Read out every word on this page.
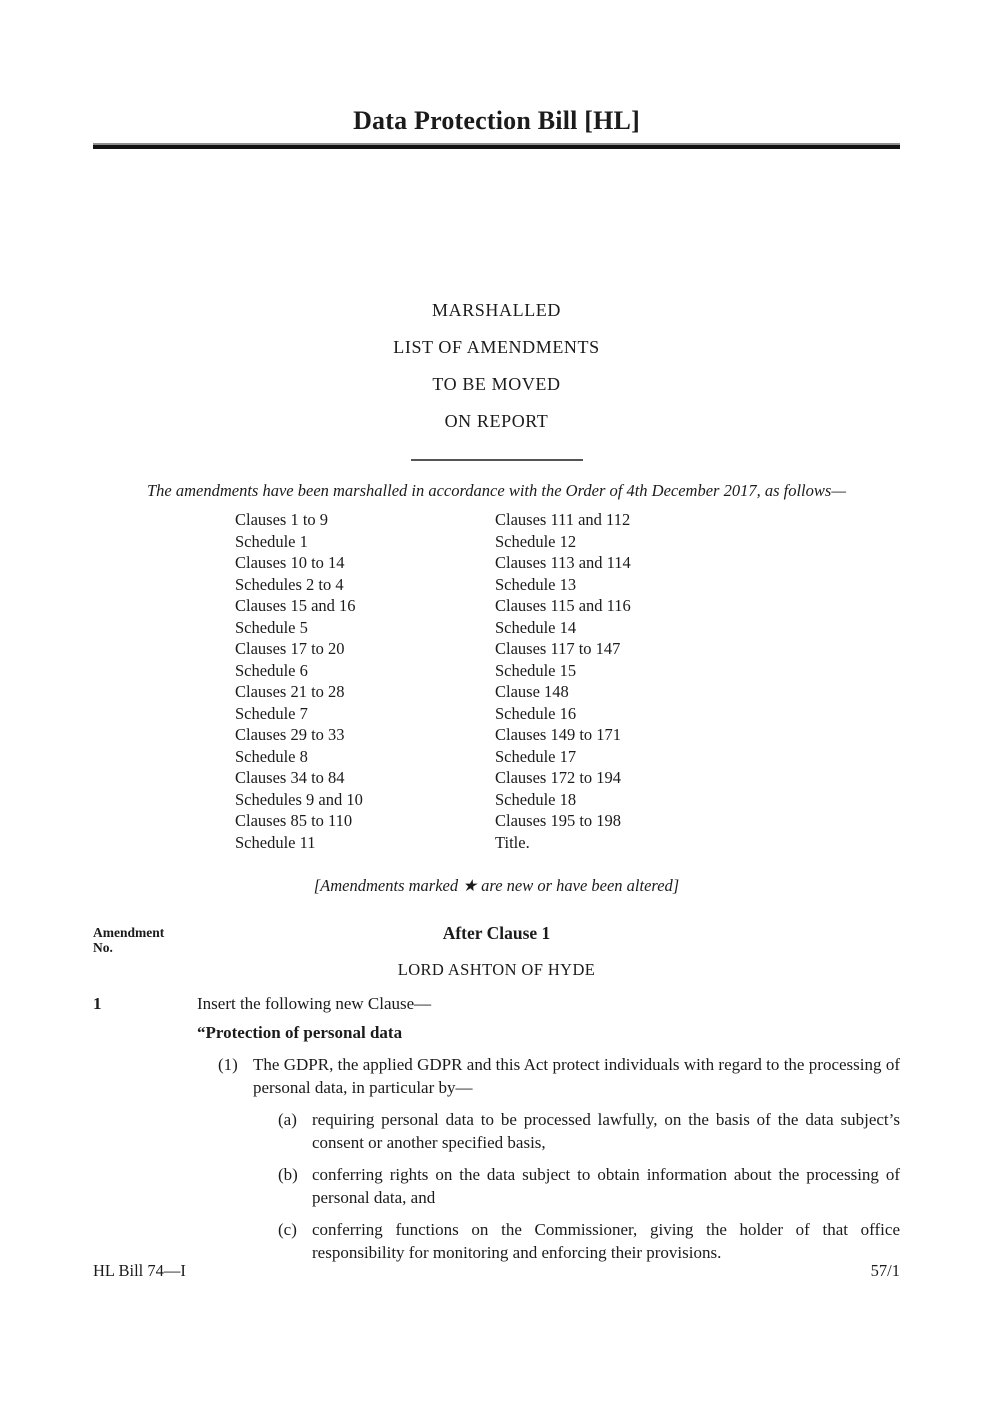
Data Protection Bill [HL]

MARSHALLED

LIST OF AMENDMENTS

TO BE MOVED

ON REPORT

The amendments have been marshalled in accordance with the Order of 4th December 2017, as follows—

Clauses 1 to 9
Schedule 1
Clauses 10 to 14
Schedules 2 to 4
Clauses 15 and 16
Schedule 5
Clauses 17 to 20
Schedule 6
Clauses 21 to 28
Schedule 7
Clauses 29 to 33
Schedule 8
Clauses 34 to 84
Schedules 9 and 10
Clauses 85 to 110
Schedule 11
Clauses 111 and 112
Schedule 12
Clauses 113 and 114
Schedule 13
Clauses 115 and 116
Schedule 14
Clauses 117 to 147
Schedule 15
Clause 148
Schedule 16
Clauses 149 to 171
Schedule 17
Clauses 172 to 194
Schedule 18
Clauses 195 to 198
Title.

[Amendments marked ★ are new or have been altered]

Amendment
No.
After Clause 1

LORD ASHTON OF HYDE

1	Insert the following new Clause—

“Protection of personal data

(1) The GDPR, the applied GDPR and this Act protect individuals with regard to the processing of personal data, in particular by—
(a) requiring personal data to be processed lawfully, on the basis of the data subject’s consent or another specified basis,
(b) conferring rights on the data subject to obtain information about the processing of personal data, and
(c) conferring functions on the Commissioner, giving the holder of that office responsibility for monitoring and enforcing their provisions.
HL Bill 74—I	57/1
